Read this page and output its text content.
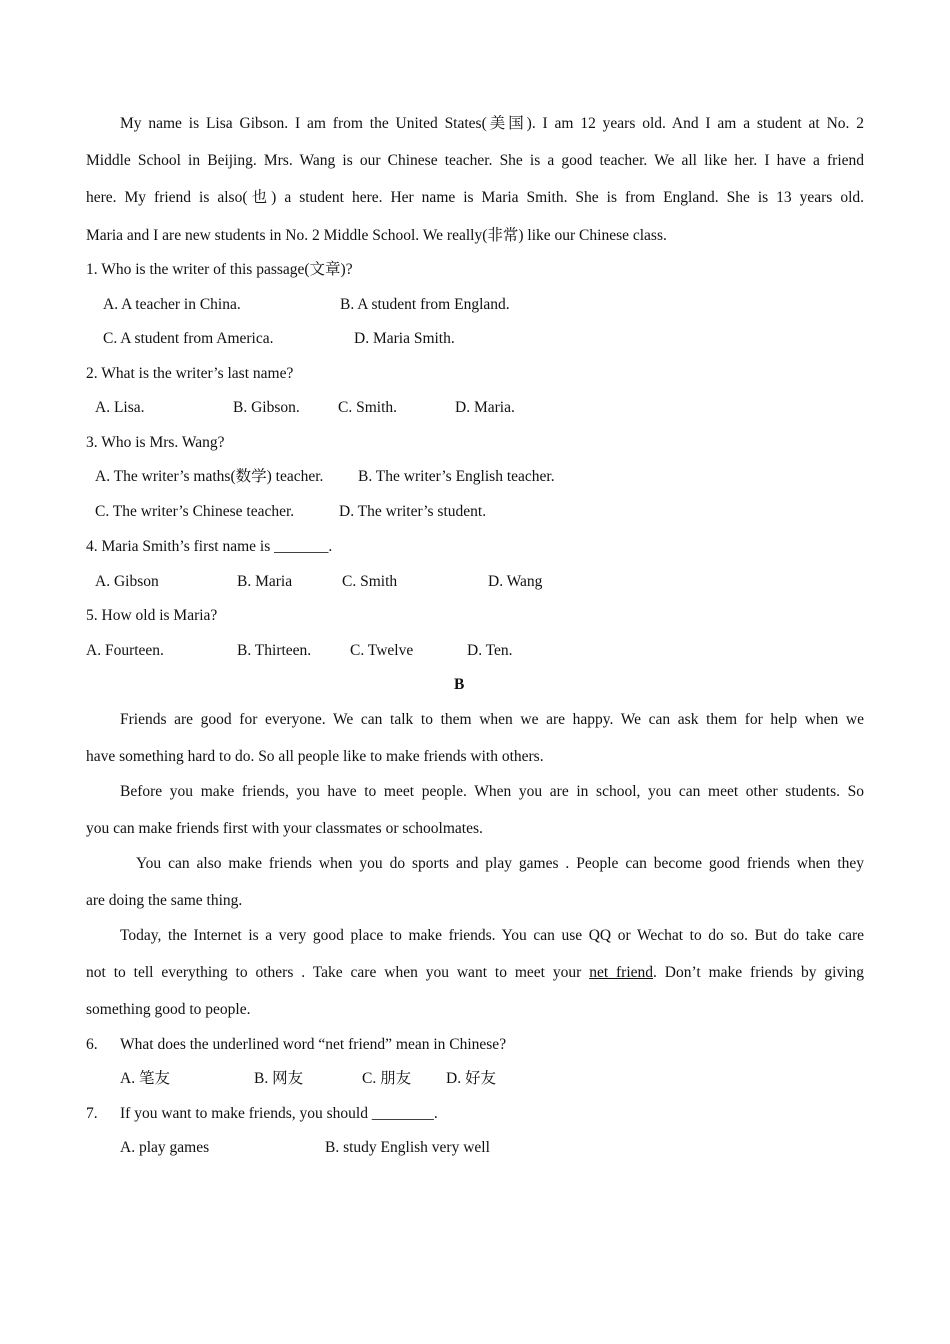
My name is Lisa Gibson. I am from the United States(美国). I am 12 years old. And I am a student at No. 2
Middle School in Beijing. Mrs. Wang is our Chinese teacher. She is a good teacher. We all like her. I have a friend
here. My friend is also(也) a student here. Her name is Maria Smith. She is from England. She is 13 years old.
Maria and I are new students in No. 2 Middle School. We really(非常) like our Chinese class.
1. Who is the writer of this passage(文章)?
A. A teacher in China.	B. A student from England.
C. A student from America.	D. Maria Smith.
2. What is the writer’s last name?
A. Lisa.	B. Gibson. C. Smith.	D. Maria.
3. Who is Mrs. Wang?
A. The writer’s maths(数学) teacher. B. The writer’s English teacher.
C. The writer’s Chinese teacher.	D. The writer’s student.
4. Maria Smith’s first name is _______.
A. Gibson	B. Maria	C. Smith	D. Wang
5. How old is Maria?
A. Fourteen.	B. Thirteen.	C. Twelve	D. Ten.
B
Friends are good for everyone. We can talk to them when we are happy. We can ask them for help when we
have something hard to do. So all people like to make friends with others.
Before you make friends, you have to meet people. When you are in school, you can meet other students. So
you can make friends first with your classmates or schoolmates.
You can also make friends when you do sports and play games . People can become good friends when they
are doing the same thing.
Today, the Internet is a very good place to make friends. You can use QQ or Wechat to do so. But do take care
not to tell everything to others . Take care when you want to meet your net friend. Don’t make friends by giving
something good to people.
6. What does the underlined word “net friend” mean in Chinese?
A. 笔友	B. 网友	C. 朋友 D. 好友
7. If you want to make friends, you should ________.
A. play games	B. study English very well
